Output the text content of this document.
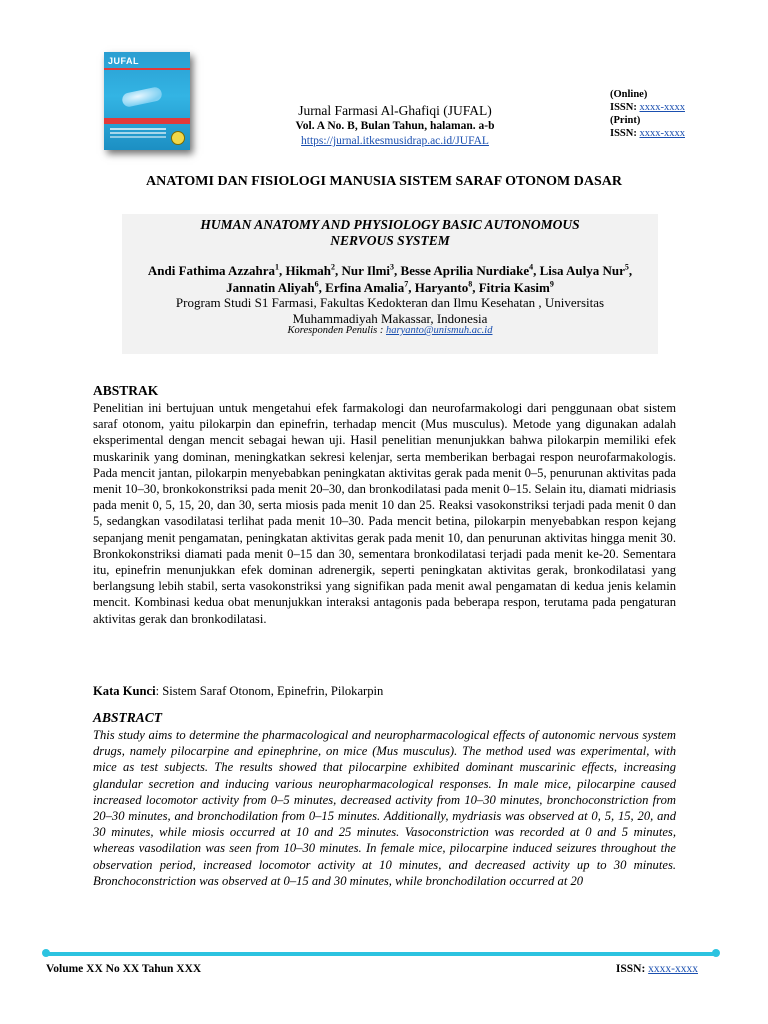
JUFAL
Jurnal Farmasi Al-Ghafiqi (JUFAL)
Vol. A No. B, Bulan Tahun, halaman. a-b
https://jurnal.itkesmusidrap.ac.id/JUFAL
(Online)
ISSN: xxxx-xxxx
(Print)
ISSN: xxxx-xxxx
ANATOMI DAN FISIOLOGI MANUSIA SISTEM SARAF OTONOM DASAR
HUMAN ANATOMY AND PHYSIOLOGY BASIC AUTONOMOUS
NERVOUS SYSTEM
Andi Fathima Azzahra$^1$, Hikmah$^2$, Nur Ilmi$^3$, Besse Aprilia Nurdiake$^4$, Lisa Aulya Nur$^5$, Jannatin Aliyah$^6$, Erfina Amalia$^7$, Haryanto$^8$, Fitria Kasim$^9$
Program Studi S1 Farmasi, Fakultas Kedokteran dan Ilmu Kesehatan , Universitas
Muhammadiyah Makassar, Indonesia
Koresponden Penulis : haryanto@unismuh.ac.id
ABSTRAK
Penelitian ini bertujuan untuk mengetahui efek farmakologi dan neurofarmakologi dari penggunaan obat sistem saraf otonom, yaitu pilokarpin dan epinefrin, terhadap mencit (Mus musculus). Metode yang digunakan adalah eksperimental dengan mencit sebagai hewan uji. Hasil penelitian menunjukkan bahwa pilokarpin memiliki efek muskarinik yang dominan, meningkatkan sekresi kelenjar, serta memberikan berbagai respon neurofarmakologis. Pada mencit jantan, pilokarpin menyebabkan peningkatan aktivitas gerak pada menit 0–5, penurunan aktivitas pada menit 10–30, bronkokonstriksi pada menit 20–30, dan bronkodilatasi pada menit 0–15. Selain itu, diamati midriasis pada menit 0, 5, 15, 20, dan 30, serta miosis pada menit 10 dan 25. Reaksi vasokonstriksi terjadi pada menit 0 dan 5, sedangkan vasodilatasi terlihat pada menit 10–30. Pada mencit betina, pilokarpin menyebabkan respon kejang sepanjang menit pengamatan, peningkatan aktivitas gerak pada menit 10, dan penurunan aktivitas hingga menit 30. Bronkokonstriksi diamati pada menit 0–15 dan 30, sementara bronkodilatasi terjadi pada menit ke-20. Sementara itu, epinefrin menunjukkan efek dominan adrenergik, seperti peningkatan aktivitas gerak, bronkodilatasi yang berlangsung lebih stabil, serta vasokonstriksi yang signifikan pada menit awal pengamatan di kedua jenis kelamin mencit. Kombinasi kedua obat menunjukkan interaksi antagonis pada beberapa respon, terutama pada pengaturan aktivitas gerak dan bronkodilatasi.
Kata Kunci: Sistem Saraf Otonom, Epinefrin, Pilokarpin
ABSTRACT
This study aims to determine the pharmacological and neuropharmacological effects of autonomic nervous system drugs, namely pilocarpine and epinephrine, on mice (Mus musculus). The method used was experimental, with mice as test subjects. The results showed that pilocarpine exhibited dominant muscarinic effects, increasing glandular secretion and inducing various neuropharmacological responses. In male mice, pilocarpine caused increased locomotor activity from 0–5 minutes, decreased activity from 10–30 minutes, bronchoconstriction from 20–30 minutes, and bronchodilation from 0–15 minutes. Additionally, mydriasis was observed at 0, 5, 15, 20, and 30 minutes, while miosis occurred at 10 and 25 minutes. Vasoconstriction was recorded at 0 and 5 minutes, whereas vasodilation was seen from 10–30 minutes. In female mice, pilocarpine induced seizures throughout the observation period, increased locomotor activity at 10 minutes, and decreased activity up to 30 minutes. Bronchoconstriction was observed at 0–15 and 30 minutes, while bronchodilation occurred at 20
Volume XX No XX Tahun XXX	ISSN: xxxx-xxxx
